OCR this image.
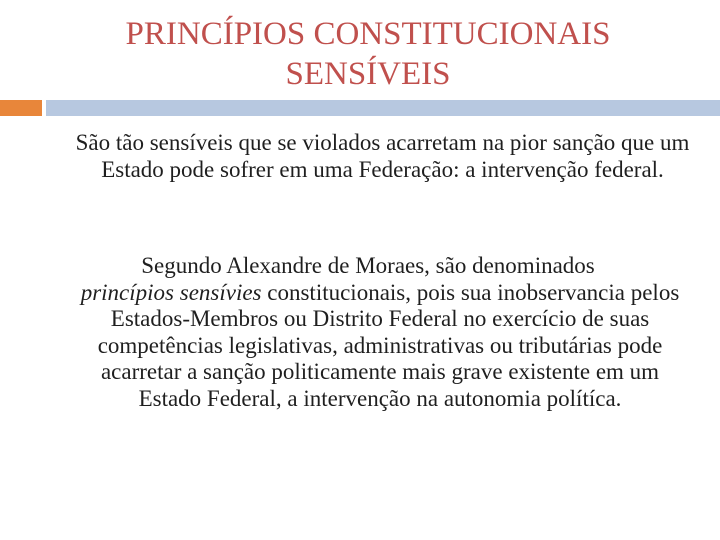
PRINCÍPIOS CONSTITUCIONAIS
SENSÍVEIS

São tão sensíveis que se violados acarretam na pior sanção que um Estado pode sofrer em uma Federação: a intervenção federal.

Segundo Alexandre de Moraes, são denominados
princípios sensívies constitucionais, pois sua inobservancia pelos Estados-Membros ou Distrito Federal no exercício de suas competências legislativas, administrativas ou tributárias pode acarretar a sanção politicamente mais grave existente em um Estado Federal, a intervenção na autonomia polítíca.
